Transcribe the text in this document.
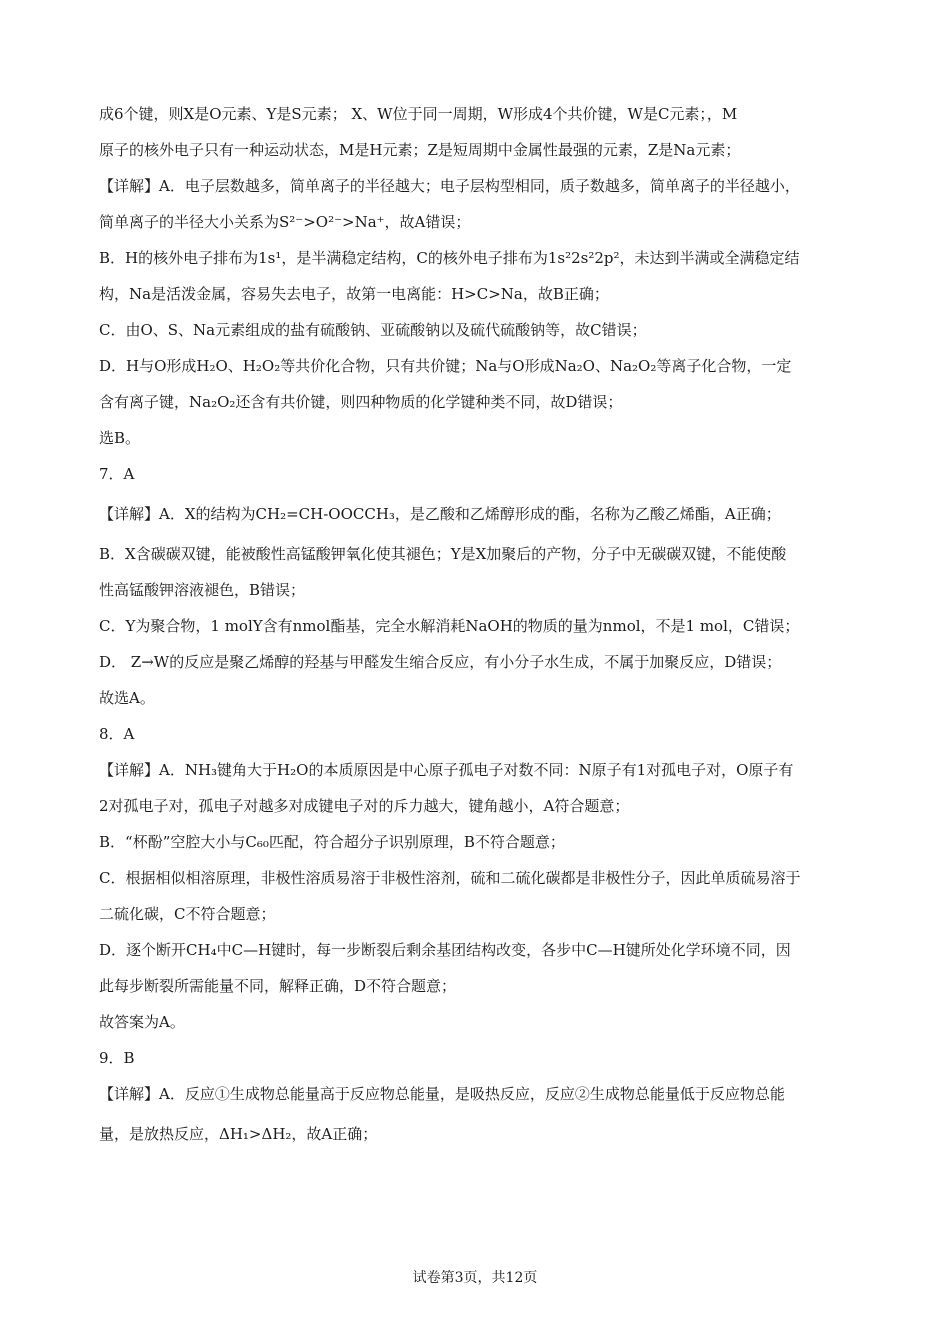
成6个键，则X是O元素、Y是S元素； X、W位于同一周期，W形成4个共价键，W是C元素；，M
原子的核外电子只有一种运动状态，M是H元素；Z是短周期中金属性最强的元素，Z是Na元素；
【详解】A．电子层数越多，简单离子的半径越大；电子层构型相同，质子数越多，简单离子的半径越小，
简单离子的半径大小关系为S²⁻>O²⁻>Na⁺，故A错误；
B．H的核外电子排布为1s¹，是半满稳定结构，C的核外电子排布为1s²2s²2p²，未达到半满或全满稳定结
构，Na是活泼金属，容易失去电子，故第一电离能：H>C>Na，故B正确；
C．由O、S、Na元素组成的盐有硫酸钠、亚硫酸钠以及硫代硫酸钠等，故C错误；
D．H与O形成H₂O、H₂O₂等共价化合物，只有共价键；Na与O形成Na₂O、Na₂O₂等离子化合物，一定
含有离子键，Na₂O₂还含有共价键，则四种物质的化学键种类不同，故D错误；
选B。
7．A
【详解】A．X的结构为CH₂=CH-OOCCH₃，是乙酸和乙烯醇形成的酯，名称为乙酸乙烯酯，A正确；
B．X含碳碳双键，能被酸性高锰酸钾氧化使其褪色；Y是X加聚后的产物，分子中无碳碳双键，不能使酸
性高锰酸钾溶液褪色，B错误；
C．Y为聚合物，1 molY含有nmol酯基，完全水解消耗NaOH的物质的量为nmol，不是1 mol，C错误；
D． Z→W的反应是聚乙烯醇的羟基与甲醛发生缩合反应，有小分子水生成，不属于加聚反应，D错误；
故选A。
8．A
【详解】A．NH₃键角大于H₂O的本质原因是中心原子孤电子对数不同：N原子有1对孤电子对，O原子有
2对孤电子对，孤电子对越多对成键电子对的斥力越大，键角越小，A符合题意；
B．“杯酚”空腔大小与C₆₀匹配，符合超分子识别原理，B不符合题意；
C．根据相似相溶原理，非极性溶质易溶于非极性溶剂，硫和二硫化碳都是非极性分子，因此单质硫易溶于
二硫化碳，C不符合题意；
D．逐个断开CH₄中C—H键时，每一步断裂后剩余基团结构改变，各步中C—H键所处化学环境不同，因
此每步断裂所需能量不同，解释正确，D不符合题意；
故答案为A。
9．B
【详解】A．反应①生成物总能量高于反应物总能量，是吸热反应，反应②生成物总能量低于反应物总能
量，是放热反应，ΔH₁>ΔH₂，故A正确；
试卷第3页，共12页
